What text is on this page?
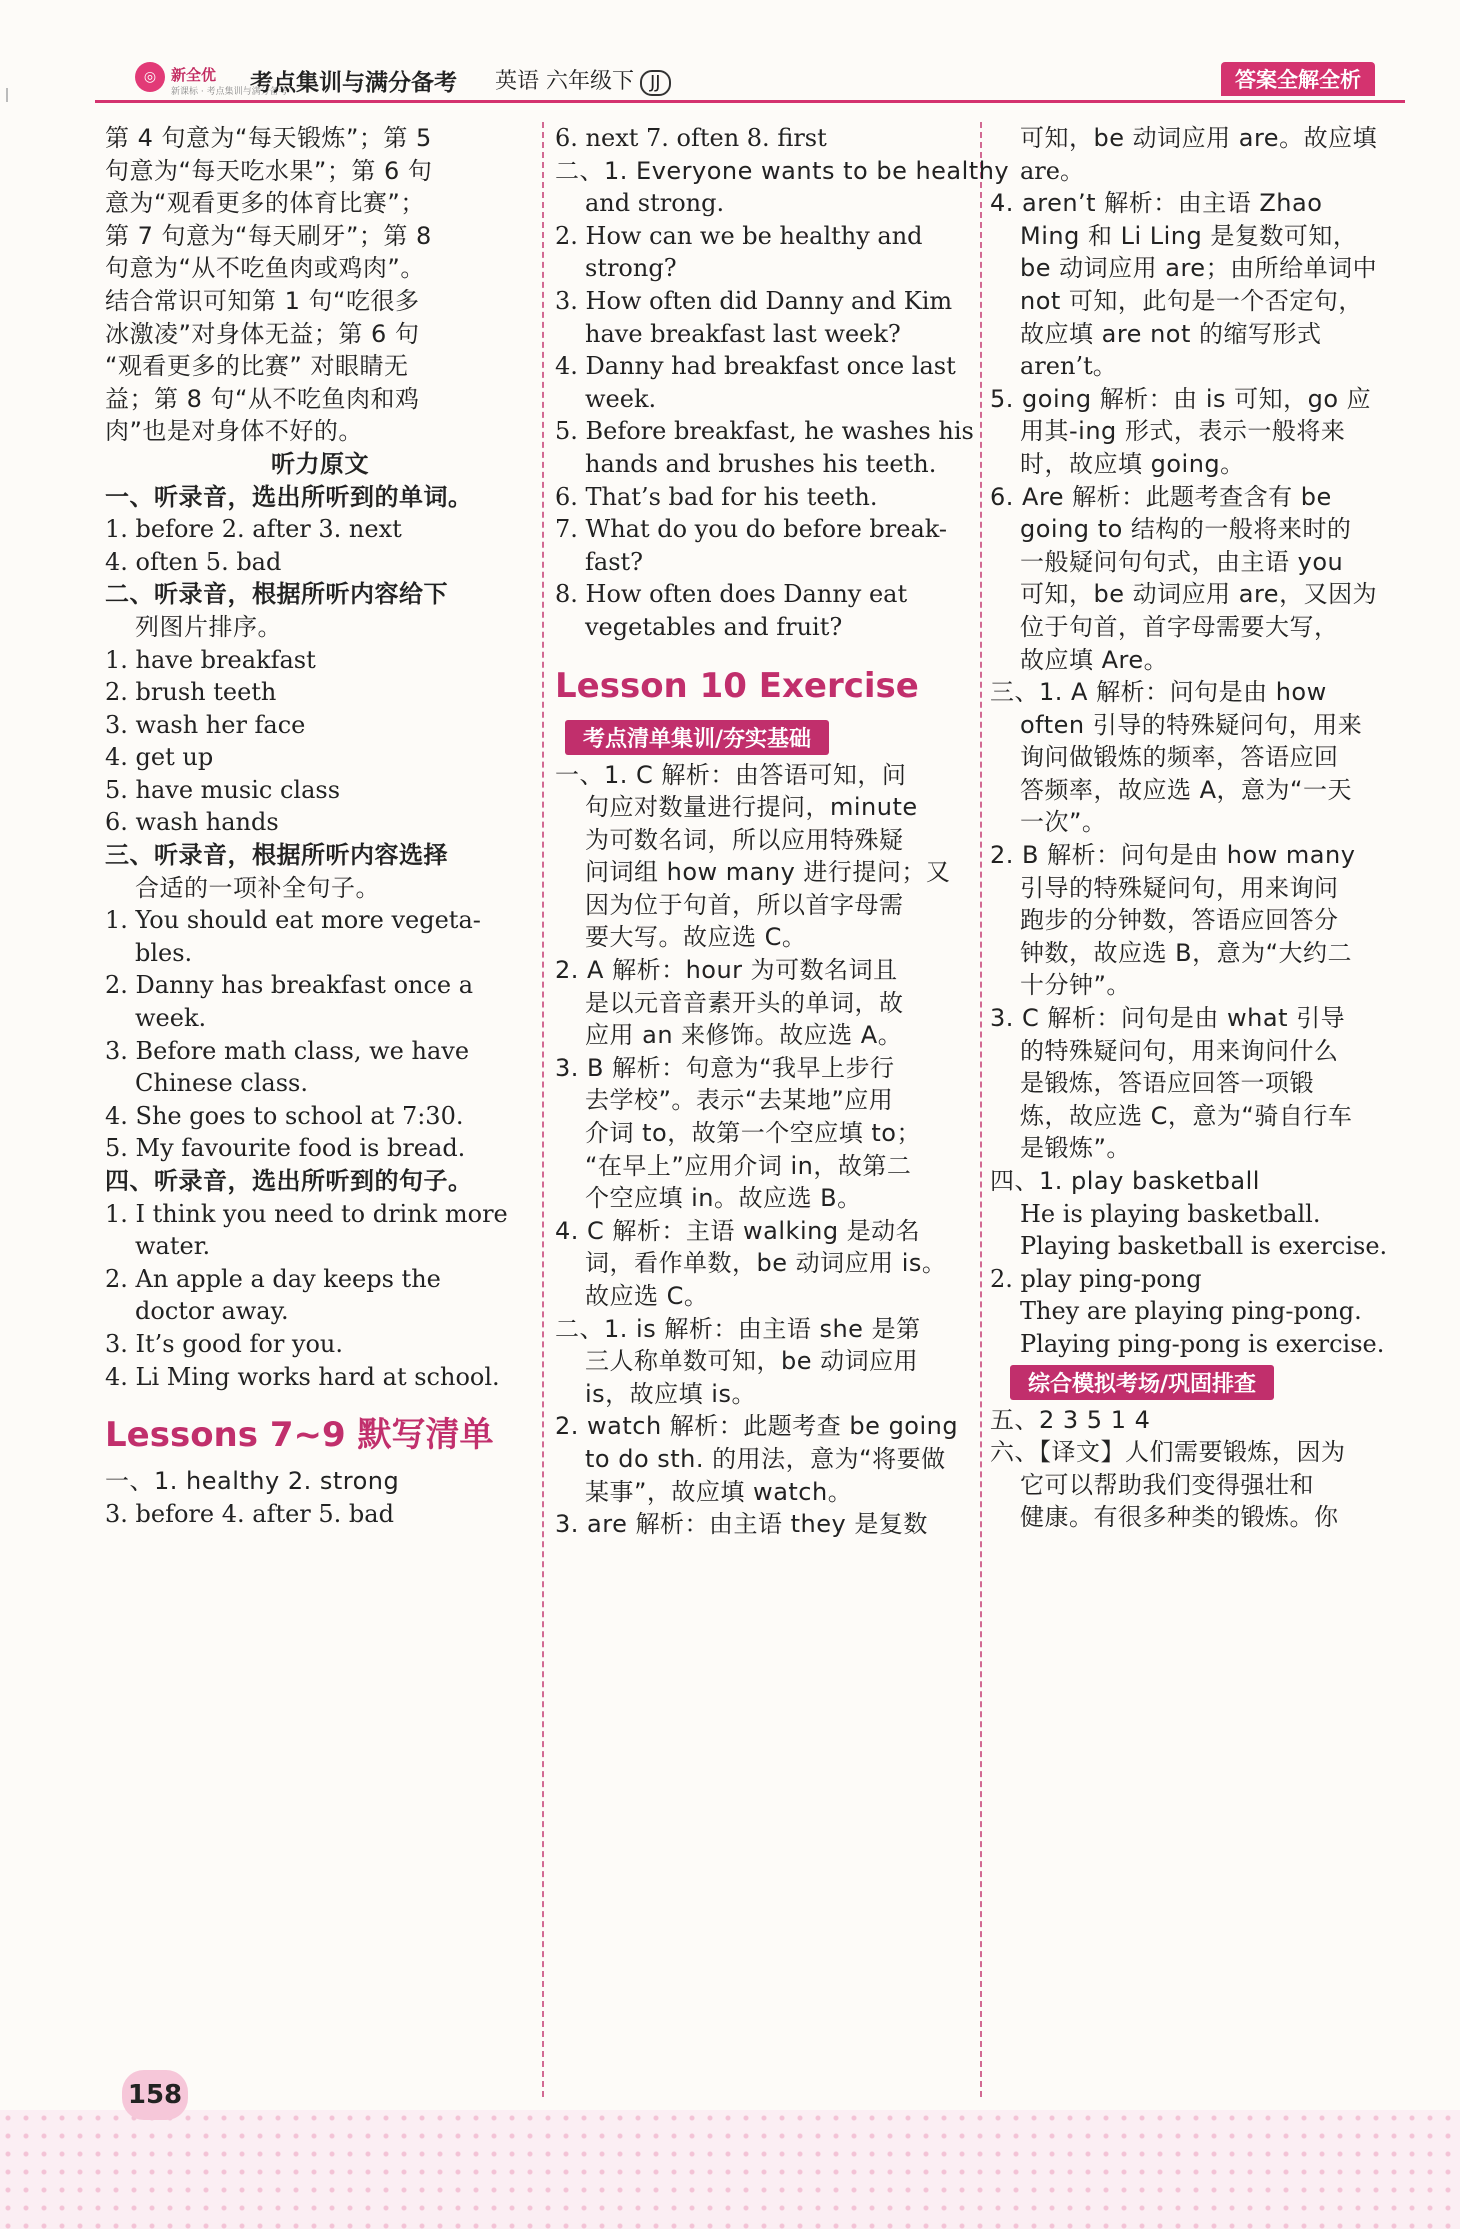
◎ 新全优
新课标 · 考点集训与满分备考
考点集训与满分备考 英语 六年级下 JJ	答案全解全析
第 4 句意为“每天锻炼”；第 5
句意为“每天吃水果”；第 6 句
意为“观看更多的体育比赛”；
第 7 句意为“每天刷牙”；第 8
句意为“从不吃鱼肉或鸡肉”。
结合常识可知第 1 句“吃很多
冰激凌”对身体无益；第 6 句
“观看更多的比赛” 对眼睛无
益；第 8 句“从不吃鱼肉和鸡
肉”也是对身体不好的。
听力原文
一、听录音，选出所听到的单词。
1. before 2. after 3. next
4. often 5. bad
二、听录音，根据所听内容给下
列图片排序。
1. have breakfast
2. brush teeth
3. wash her face
4. get up
5. have music class
6. wash hands
三、听录音，根据所听内容选择
合适的一项补全句子。
1. You should eat more vegeta-
bles.
2. Danny has breakfast once a
week.
3. Before math class, we have
Chinese class.
4. She goes to school at 7:30.
5. My favourite food is bread.
四、听录音，选出所听到的句子。
1. I think you need to drink more
water.
2. An apple a day keeps the
doctor away.
3. It’s good for you.
4. Li Ming works hard at school.
Lessons 7~9 默写清单
一、1. healthy 2. strong
3. before 4. after 5. bad
6. next 7. often 8. first
二、1. Everyone wants to be healthy
and strong.
2. How can we be healthy and
strong?
3. How often did Danny and Kim
have breakfast last week?
4. Danny had breakfast once last
week.
5. Before breakfast, he washes his
hands and brushes his teeth.
6. That’s bad for his teeth.
7. What do you do before break-
fast?
8. How often does Danny eat
vegetables and fruit?
Lesson 10 Exercise
考点清单集训/夯实基础
一、1. C 解析：由答语可知，问
句应对数量进行提问，minute
为可数名词，所以应用特殊疑
问词组 how many 进行提问；又
因为位于句首，所以首字母需
要大写。故应选 C。
2. A 解析：hour 为可数名词且
是以元音音素开头的单词，故
应用 an 来修饰。故应选 A。
3. B 解析：句意为“我早上步行
去学校”。表示“去某地”应用
介词 to，故第一个空应填 to；
“在早上”应用介词 in，故第二
个空应填 in。故应选 B。
4. C 解析：主语 walking 是动名
词，看作单数，be 动词应用 is。
故应选 C。
二、1. is 解析：由主语 she 是第
三人称单数可知，be 动词应用
is，故应填 is。
2. watch 解析：此题考查 be going
to do sth. 的用法，意为“将要做
某事”，故应填 watch。
3. are 解析：由主语 they 是复数
可知，be 动词应用 are。故应填
are。
4. aren’t 解析：由主语 Zhao
Ming 和 Li Ling 是复数可知，
be 动词应用 are；由所给单词中
not 可知，此句是一个否定句，
故应填 are not 的缩写形式
aren’t。
5. going 解析：由 is 可知，go 应
用其-ing 形式，表示一般将来
时，故应填 going。
6. Are 解析：此题考查含有 be
going to 结构的一般将来时的
一般疑问句句式，由主语 you
可知，be 动词应用 are，又因为
位于句首，首字母需要大写，
故应填 Are。
三、1. A 解析：问句是由 how
often 引导的特殊疑问句，用来
询问做锻炼的频率，答语应回
答频率，故应选 A，意为“一天
一次”。
2. B 解析：问句是由 how many
引导的特殊疑问句，用来询问
跑步的分钟数，答语应回答分
钟数，故应选 B，意为“大约二
十分钟”。
3. C 解析：问句是由 what 引导
的特殊疑问句，用来询问什么
是锻炼，答语应回答一项锻
炼，故应选 C，意为“骑自行车
是锻炼”。
四、1. play basketball
He is playing basketball.
Playing basketball is exercise.
2. play ping-pong
They are playing ping-pong.
Playing ping-pong is exercise.
综合模拟考场/巩固排查
五、2 3 5 1 4
六、【译文】人们需要锻炼，因为
它可以帮助我们变得强壮和
健康。有很多种类的锻炼。你
158
